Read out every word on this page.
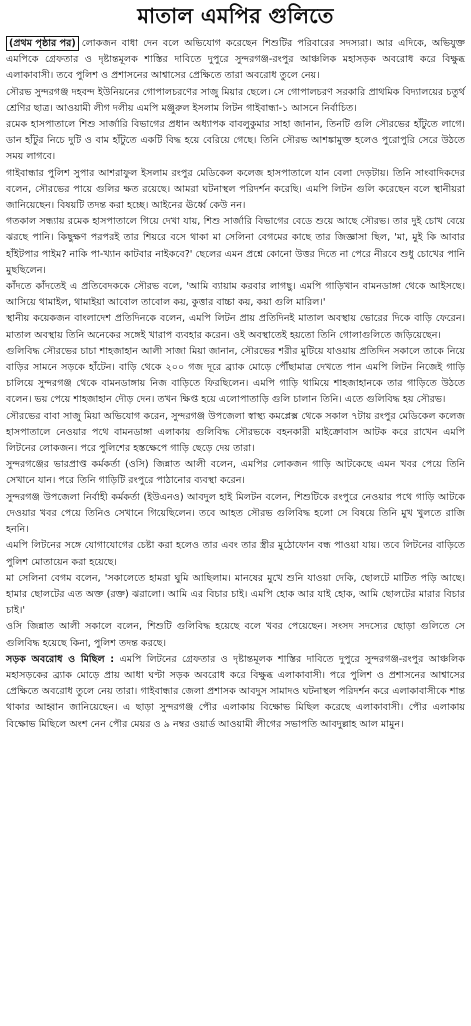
মাতাল এমপির গুলিতে

(প্রথম পৃষ্ঠার পর) লোকজন বাধা দেন বলে অভিযোগ করেছেন শিশুটির পরিবারের সদস্যরা। আর এদিকে, অভিযুক্ত এমপিকে গ্রেফতার ও দৃষ্টান্তমূলক শাস্তির দাবিতে দুপুরে সুন্দরগঞ্জ-রংপুর আঞ্চলিক মহাসড়ক অবরোধ করে বিক্ষুব্ধ এলাকাবাসী। তবে পুলিশ ও প্রশাসনের আশ্বাসের প্রেক্ষিতে তারা অবরোধ তুলে নেয়।

সৌরভ সুন্দরগঞ্জ দহবন্দ ইউনিয়নের গোপালচরণের সাজু মিয়ার ছেলে। সে গোপালচরণ সরকারি প্রাথমিক বিদ্যালয়ের চতুর্থ শ্রেণির ছাত্র। আওয়ামী লীগ দলীয় এমপি মঞ্জুরুল ইসলাম লিটন গাইবান্ধা-১ আসনে নির্বাচিত।

রমেক হাসপাতালে শিশু সার্জারি বিভাগের প্রধান অধ্যাপক বাবলুকুমার সাহা জানান, তিনটি গুলি সৌরভের হাঁটুতে লাগে। ডান হাঁটুর নিচে দুটি ও বাম হাঁটুতে একটি বিদ্ধ হয়ে বেরিয়ে গেছে। তিনি সৌরভ আশঙ্কামুক্ত হলেও পুরোপুরি সেরে উঠতে সময় লাগবে।

গাইবান্ধার পুলিশ সুপার আশরাফুল ইসলাম রংপুর মেডিকেল কলেজ হাসপাতালে যান বেলা দেড়টায়। তিনি সাংবাদিকদের বলেন, সৌরভের পায়ে গুলির ক্ষত রয়েছে। আমরা ঘটনাস্থল পরিদর্শন করেছি। এমপি লিটন গুলি করেছেন বলে স্থানীয়রা জানিয়েছেন। বিষয়টি তদন্ত করা হচ্ছে। আইনের ঊর্ধ্বে কেউ নন।

গতকাল সন্ধ্যায় রমেক হাসপাতালে গিয়ে দেখা যায়, শিশু সার্জারি বিভাগের বেডে শুয়ে আছে সৌরভ। তার দুই চোখ বেয়ে ঝরছে পানি। কিছুক্ষণ পরপরই তার শিয়রে বসে থাকা মা সেলিনা বেগমের কাছে তার জিজ্ঞাসা ছিল, 'মা, মুই কি আবার হাঁইটপার পাইম? নাকি পা-খ্যান কাটবার নাইকবে?' ছেলের এমন প্রশ্নে কোনো উত্তর দিতে না পেরে নীরবে শুধু চোখের পানি মুছছিলেন।

কাঁদতে কাঁদতেই এ প্রতিবেদককে সৌরভ বলে, 'আমি ব্যায়াম করবার লাগছু। এমপি গাড়িখান বামনডাঙ্গা থেকে আইসছে। আসিয়ে থামাইল, থামাইয়া আবোল তাবোল কয়, কুত্তার বাচ্চা কয়, কয়া গুলি মারিল।'

স্থানীয় কয়েকজন বাংলাদেশ প্রতিদিনকে বলেন, এমপি লিটন প্রায় প্রতিদিনই মাতাল অবস্থায় ভোরের দিকে বাড়ি ফেরেন। মাতাল অবস্থায় তিনি অনেকের সঙ্গেই খারাপ ব্যবহার করেন। ওই অবস্থাতেই হয়তো তিনি গোলাগুলিতে জড়িয়েছেন।

গুলিবিদ্ধ সৌরভের চাচা শাহজাহান আলী সাজা মিয়া জানান, সৌরভের শরীর মুটিয়ে যাওয়ায় প্রতিদিন সকালে তাকে নিয়ে বাড়ির সামনে সড়কে হাঁটেন। বাড়ি থেকে ২০০ গজ দূরে ব্র্যাক মোড়ে পৌঁছামাত্র দেখতে পান এমপি লিটন নিজেই গাড়ি চালিয়ে সুন্দরগঞ্জ থেকে বামনডাঙ্গায় নিজ বাড়িতে ফিরছিলেন। এমপি গাড়ি থামিয়ে শাহজাহানকে তার গাড়িতে উঠতে বলেন। ভয় পেয়ে শাহজাহান দৌড় দেন। তখন ক্ষিপ্ত হয়ে এলোপাতাড়ি গুলি চালান তিনি। এতে গুলিবিদ্ধ হয় সৌরভ।

সৌরভের বাবা সাজু মিয়া অভিযোগ করেন, সুন্দরগঞ্জ উপজেলা স্বাস্থ্য কমপ্লেক্স থেকে সকাল ৭টায় রংপুর মেডিকেল কলেজ হাসপাতালে নেওয়ার পথে বামনডাঙ্গা এলাকায় গুলিবিদ্ধ সৌরভকে বহনকারী মাইক্রোবাস আটক করে রাখেন এমপি লিটনের লোকজন। পরে পুলিশের হস্তক্ষেপে গাড়ি ছেড়ে দেয় তারা।

সুন্দরগঞ্জের ভারপ্রাপ্ত কর্মকর্তা (ওসি) জিন্নাত আলী বলেন, এমপির লোকজন গাড়ি আটকেছে এমন খবর পেয়ে তিনি সেখানে যান। পরে তিনি গাড়িটি রংপুরে পাঠানোর ব্যবস্থা করেন।

সুন্দরগঞ্জ উপজেলা নির্বাহী কর্মকর্তা (ইউএনও) আবদুল হাই মিলটন বলেন, শিশুটিকে রংপুরে নেওয়ার পথে গাড়ি আটকে দেওয়ার খবর পেয়ে তিনিও সেখানে গিয়েছিলেন। তবে আহত সৌরভ গুলিবিদ্ধ হলো সে বিষয়ে তিনি মুখ খুলতে রাজি হননি।

এমপি লিটনের সঙ্গে যোগাযোগের চেষ্টা করা হলেও তার এবং তার স্ত্রীর মুঠোফোন বন্ধ পাওয়া যায়। তবে লিটনের বাড়িতে পুলিশ মোতায়েন করা হয়েছে।

মা সেলিনা বেগম বলেন, 'সকালেতে হামরা ঘুমি আছিলাম। মানষের মুখে শুনি যাওয়া দেকি, ছোলটে মাটিত পড়ি আছে। হামার ছোলটের এত অক্ত (রক্ত) ঝরালো। আমি এর বিচার চাই। এমপি হোক আর যাই হোক, আমি ছোলটের মারার বিচার চাই।'

ওসি জিন্নাত আলী সকালে বলেন, শিশুটি গুলিবিদ্ধ হয়েছে বলে খবর পেয়েছেন। সংসদ সদস্যের ছোড়া গুলিতে সে গুলিবিদ্ধ হয়েছে কিনা, পুলিশ তদন্ত করছে।

সড়ক অবরোধ ও মিছিল : এমপি লিটনের গ্রেফতার ও দৃষ্টান্তমূলক শাস্তির দাবিতে দুপুরে সুন্দরগঞ্জ-রংপুর আঞ্চলিক মহাসড়কের ব্র্যাক মোড়ে প্রায় আধা ঘণ্টা সড়ক অবরোধ করে বিক্ষুব্ধ এলাকাবাসী। পরে পুলিশ ও প্রশাসনের আশ্বাসের প্রেক্ষিতে অবরোধ তুলে নেয় তারা। গাইবান্ধার জেলা প্রশাসক আবদুস সামাদও ঘটনাস্থল পরিদর্শন করে এলাকাবাসীকে শান্ত থাকার আহ্বান জানিয়েছেন। এ ছাড়া সুন্দরগঞ্জ পৌর এলাকায় বিক্ষোভ মিছিল করেছে এলাকাবাসী। পৌর এলাকায় বিক্ষোভ মিছিলে অংশ নেন পৌর মেয়র ও ৯ নম্বর ওয়ার্ড আওয়ামী লীগের সভাপতি আবদুল্লাহ আল মামুন।
